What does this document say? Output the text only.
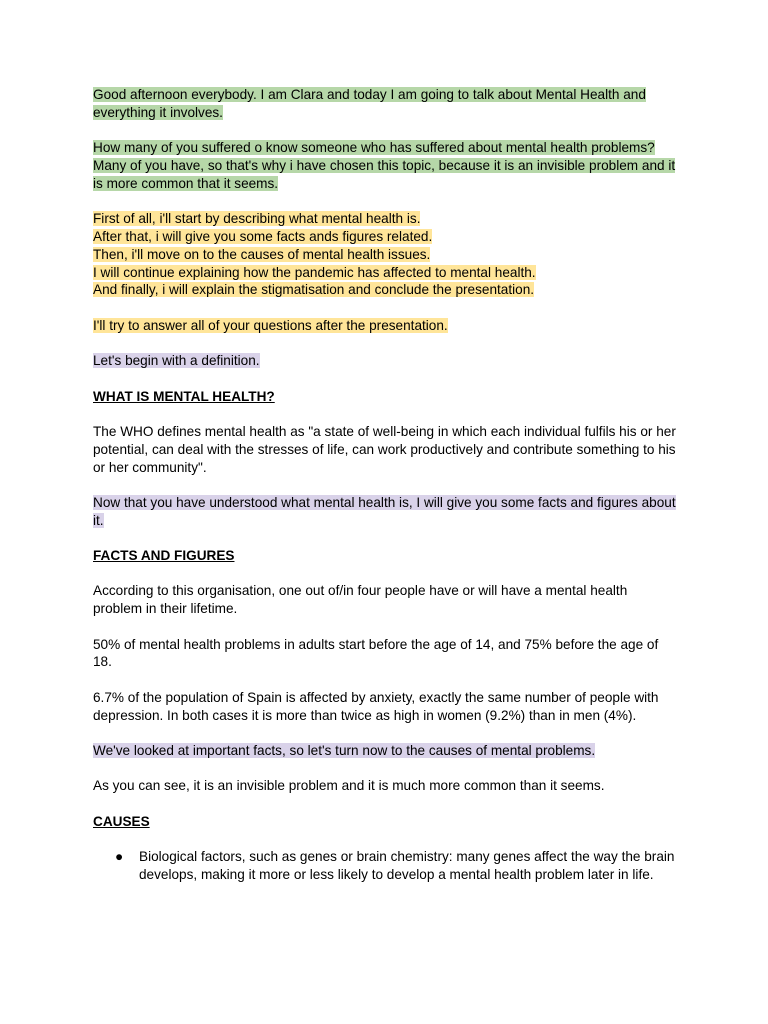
Good afternoon everybody. I am Clara and today I am going to talk about Mental Health and everything it involves.

How many of you suffered o know someone who has suffered about mental health problems? Many of you have, so that's why i have chosen this topic, because it is an invisible problem and it is more common that it seems.

First of all, i'll start by describing what mental health is.
After that, i will give you some facts ands figures related.
Then, i'll move on to the causes of mental health issues.
I will continue explaining how the pandemic has affected to mental health.
And finally, i will explain the stigmatisation and conclude the presentation.

I'll try to answer all of your questions after the presentation.

Let's begin with a definition.

WHAT IS MENTAL HEALTH?

The WHO defines mental health as "a state of well-being in which each individual fulfils his or her potential, can deal with the stresses of life, can work productively and contribute something to his or her community".

Now that you have understood what mental health is, I will give you some facts and figures about it.

FACTS AND FIGURES

According to this organisation, one out of/in four people have or will have a mental health problem in their lifetime.

50% of mental health problems in adults start before the age of 14, and 75% before the age of 18.

6.7% of the population of Spain is affected by anxiety, exactly the same number of people with depression. In both cases it is more than twice as high in women (9.2%) than in men (4%).

We've looked at important facts, so let's turn now to the causes of mental problems.

As you can see, it is an invisible problem and it is much more common than it seems.

CAUSES
● Biological factors, such as genes or brain chemistry: many genes affect the way the brain develops, making it more or less likely to develop a mental health problem later in life.
